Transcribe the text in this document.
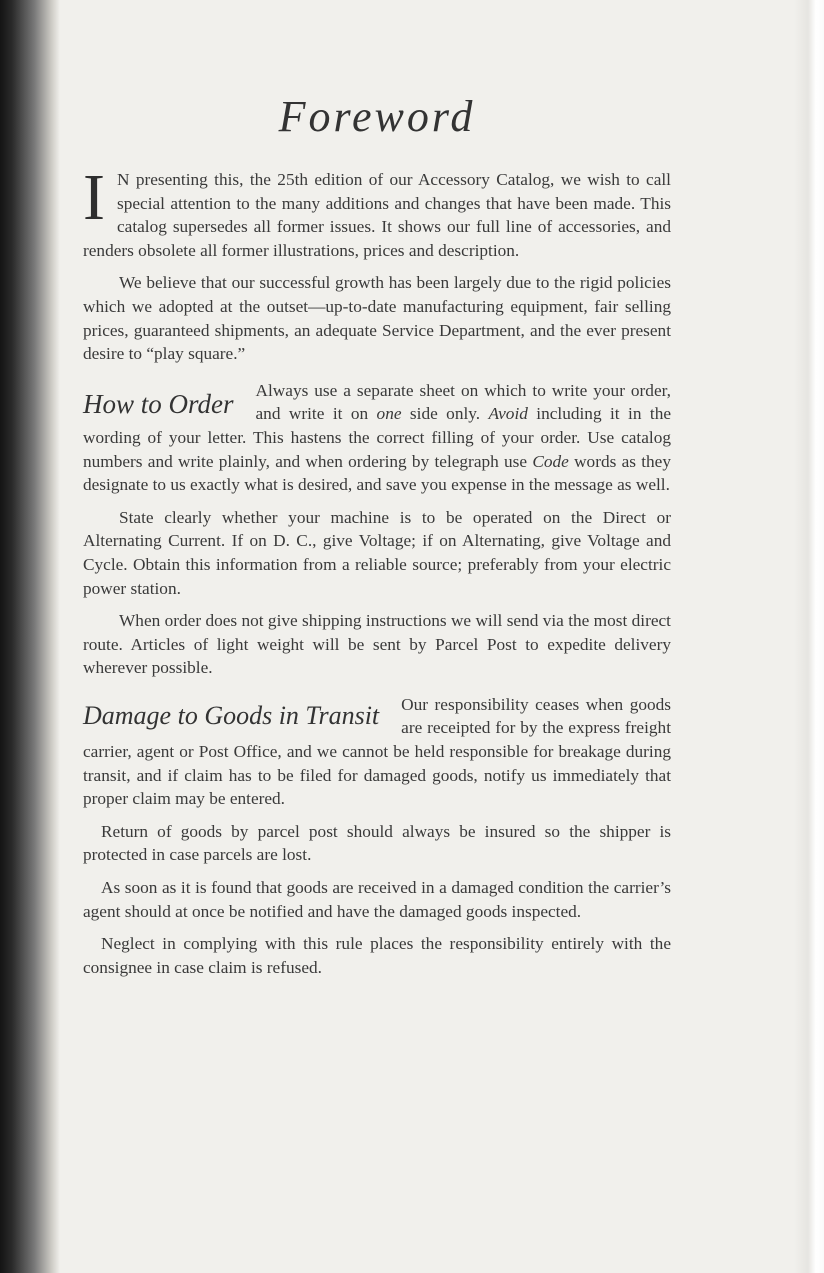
Foreword

I N presenting this, the 25th edition of our Accessory Catalog, we wish to call special attention to the many additions and changes that have been made. This catalog supersedes all former issues. It shows our full line of accessories, and renders obsolete all former illustrations, prices and description.

We believe that our successful growth has been largely due to the rigid policies which we adopted at the outset—up-to-date manufacturing equipment, fair selling prices, guaranteed shipments, an adequate Service Department, and the ever present desire to “play square.”

How to Order Always use a separate sheet on which to write your order, and write it on one side only. Avoid including it in the wording of your letter. This hastens the correct filling of your order. Use catalog numbers and write plainly, and when ordering by telegraph use Code words as they designate to us exactly what is desired, and save you expense in the message as well.

State clearly whether your machine is to be operated on the Direct or Alternating Current. If on D. C., give Voltage; if on Alternating, give Voltage and Cycle. Obtain this information from a reliable source; preferably from your electric power station.

When order does not give shipping instructions we will send via the most direct route. Articles of light weight will be sent by Parcel Post to expedite delivery wherever possible.

Damage to Goods in Transit Our responsibility ceases when goods are receipted for by the express freight carrier, agent or Post Office, and we cannot be held responsible for breakage during transit, and if claim has to be filed for damaged goods, notify us immediately that proper claim may be entered.

Return of goods by parcel post should always be insured so the shipper is protected in case parcels are lost.

As soon as it is found that goods are received in a damaged condition the carrier’s agent should at once be notified and have the damaged goods inspected.

Neglect in complying with this rule places the responsibility entirely with the consignee in case claim is refused.
